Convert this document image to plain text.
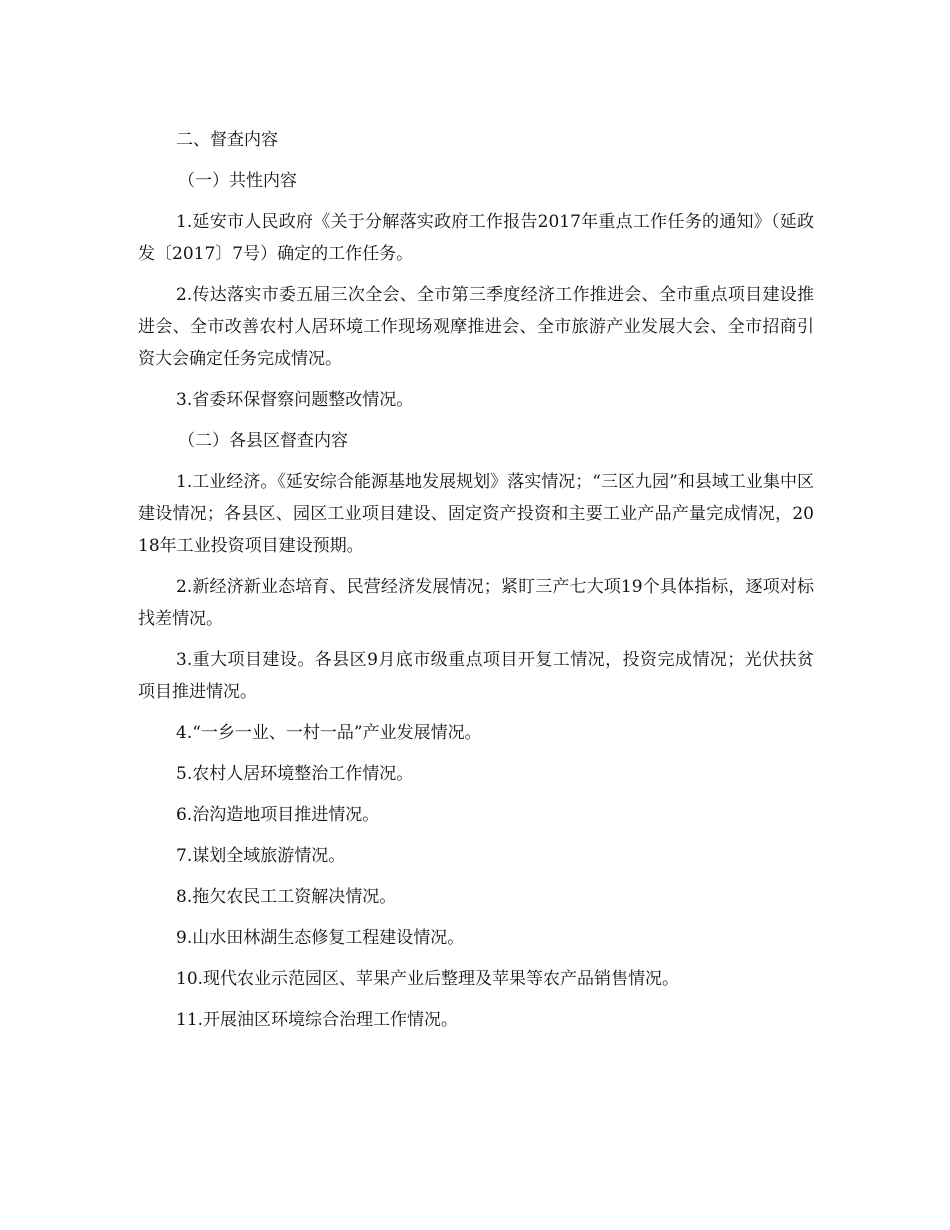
二、督查内容

（一）共性内容

1.延安市人民政府《关于分解落实政府工作报告2017年重点工作任务的通知》（延政发〔2017〕7号）确定的工作任务。

2.传达落实市委五届三次全会、全市第三季度经济工作推进会、全市重点项目建设推进会、全市改善农村人居环境工作现场观摩推进会、全市旅游产业发展大会、全市招商引资大会确定任务完成情况。

3.省委环保督察问题整改情况。

（二）各县区督查内容

1.工业经济。《延安综合能源基地发展规划》落实情况；“三区九园”和县域工业集中区建设情况；各县区、园区工业项目建设、固定资产投资和主要工业产品产量完成情况，2018年工业投资项目建设预期。

2.新经济新业态培育、民营经济发展情况；紧盯三产七大项19个具体指标，逐项对标找差情况。

3.重大项目建设。各县区9月底市级重点项目开复工情况，投资完成情况；光伏扶贫项目推进情况。

4.“一乡一业、一村一品”产业发展情况。

5.农村人居环境整治工作情况。

6.治沟造地项目推进情况。

7.谋划全域旅游情况。

8.拖欠农民工工资解决情况。

9.山水田林湖生态修复工程建设情况。

10.现代农业示范园区、苹果产业后整理及苹果等农产品销售情况。

11.开展油区环境综合治理工作情况。
